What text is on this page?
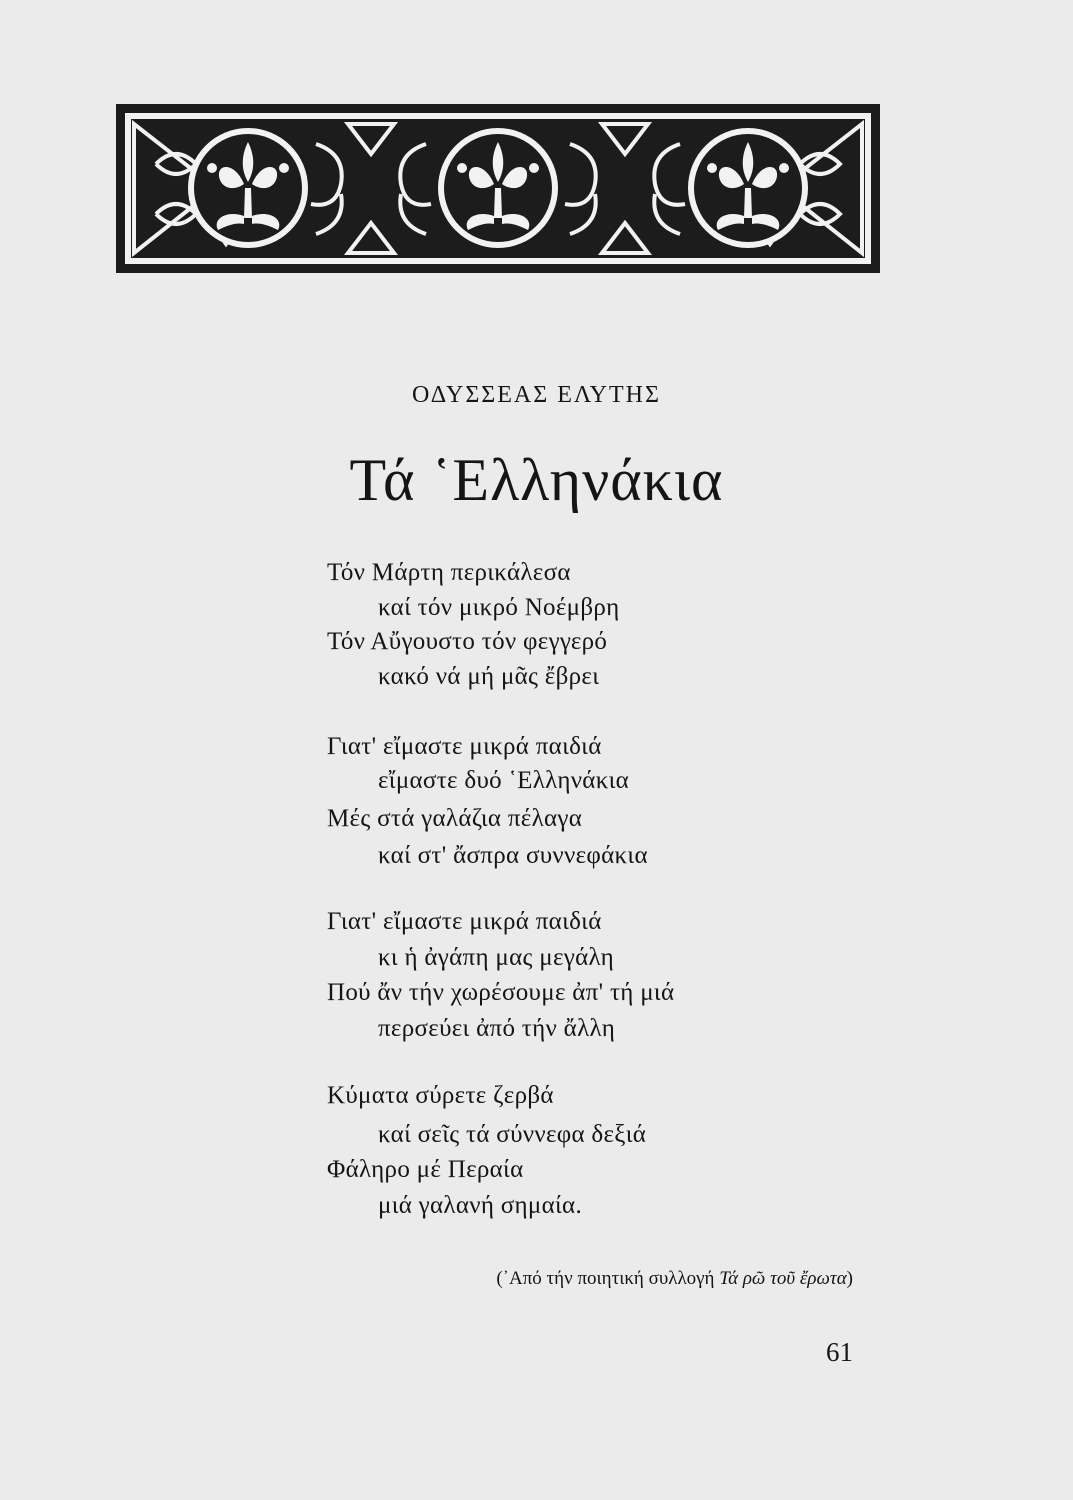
ΟΔΥΣΣΕΑΣ ΕΛΥΤΗΣ
Τά ῾Ελληνάκια
Τόν Μάρτη περικάλεσα
καί τόν μικρό Νοέμβρη
Τόν Αὔγουστο τόν φεγγερό
κακό νά μή μᾶς ἔβρει
Γιατ' εἴμαστε μικρά παιδιά
εἴμαστε δυό ῾Ελληνάκια
Μές στά γαλάζια πέλαγα
καί στ' ἄσπρα συννεφάκια
Γιατ' εἴμαστε μικρά παιδιά
κι ἡ ἀγάπη μας μεγάλη
Πού ἄν τήν χωρέσουμε ἀπ' τή μιά
περσεύει ἀπό τήν ἄλλη
Κύματα σύρετε ζερβά
καί σεῖς τά σύννεφα δεξιά
Φάληρο μέ Περαία
μιά γαλανή σημαία.
(᾿Από τήν ποιητική συλλογή Τά ρῶ τοῦ ἔρωτα)
61
